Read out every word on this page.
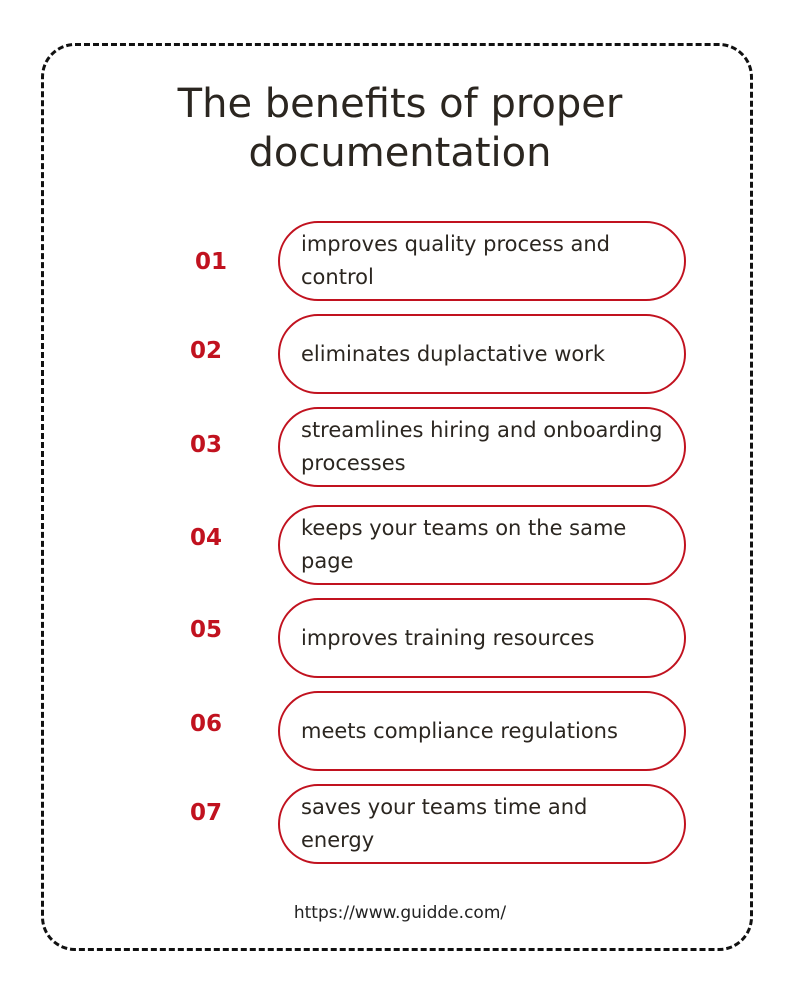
The benefits of proper
documentation
01
improves quality process and control
02	eliminates duplactative work
03
streamlines hiring and onboarding processes
04	keeps your teams on the same page
05	improves training resources
06	meets compliance regulations
07	saves your teams time and energy
https://www.guidde.com/
